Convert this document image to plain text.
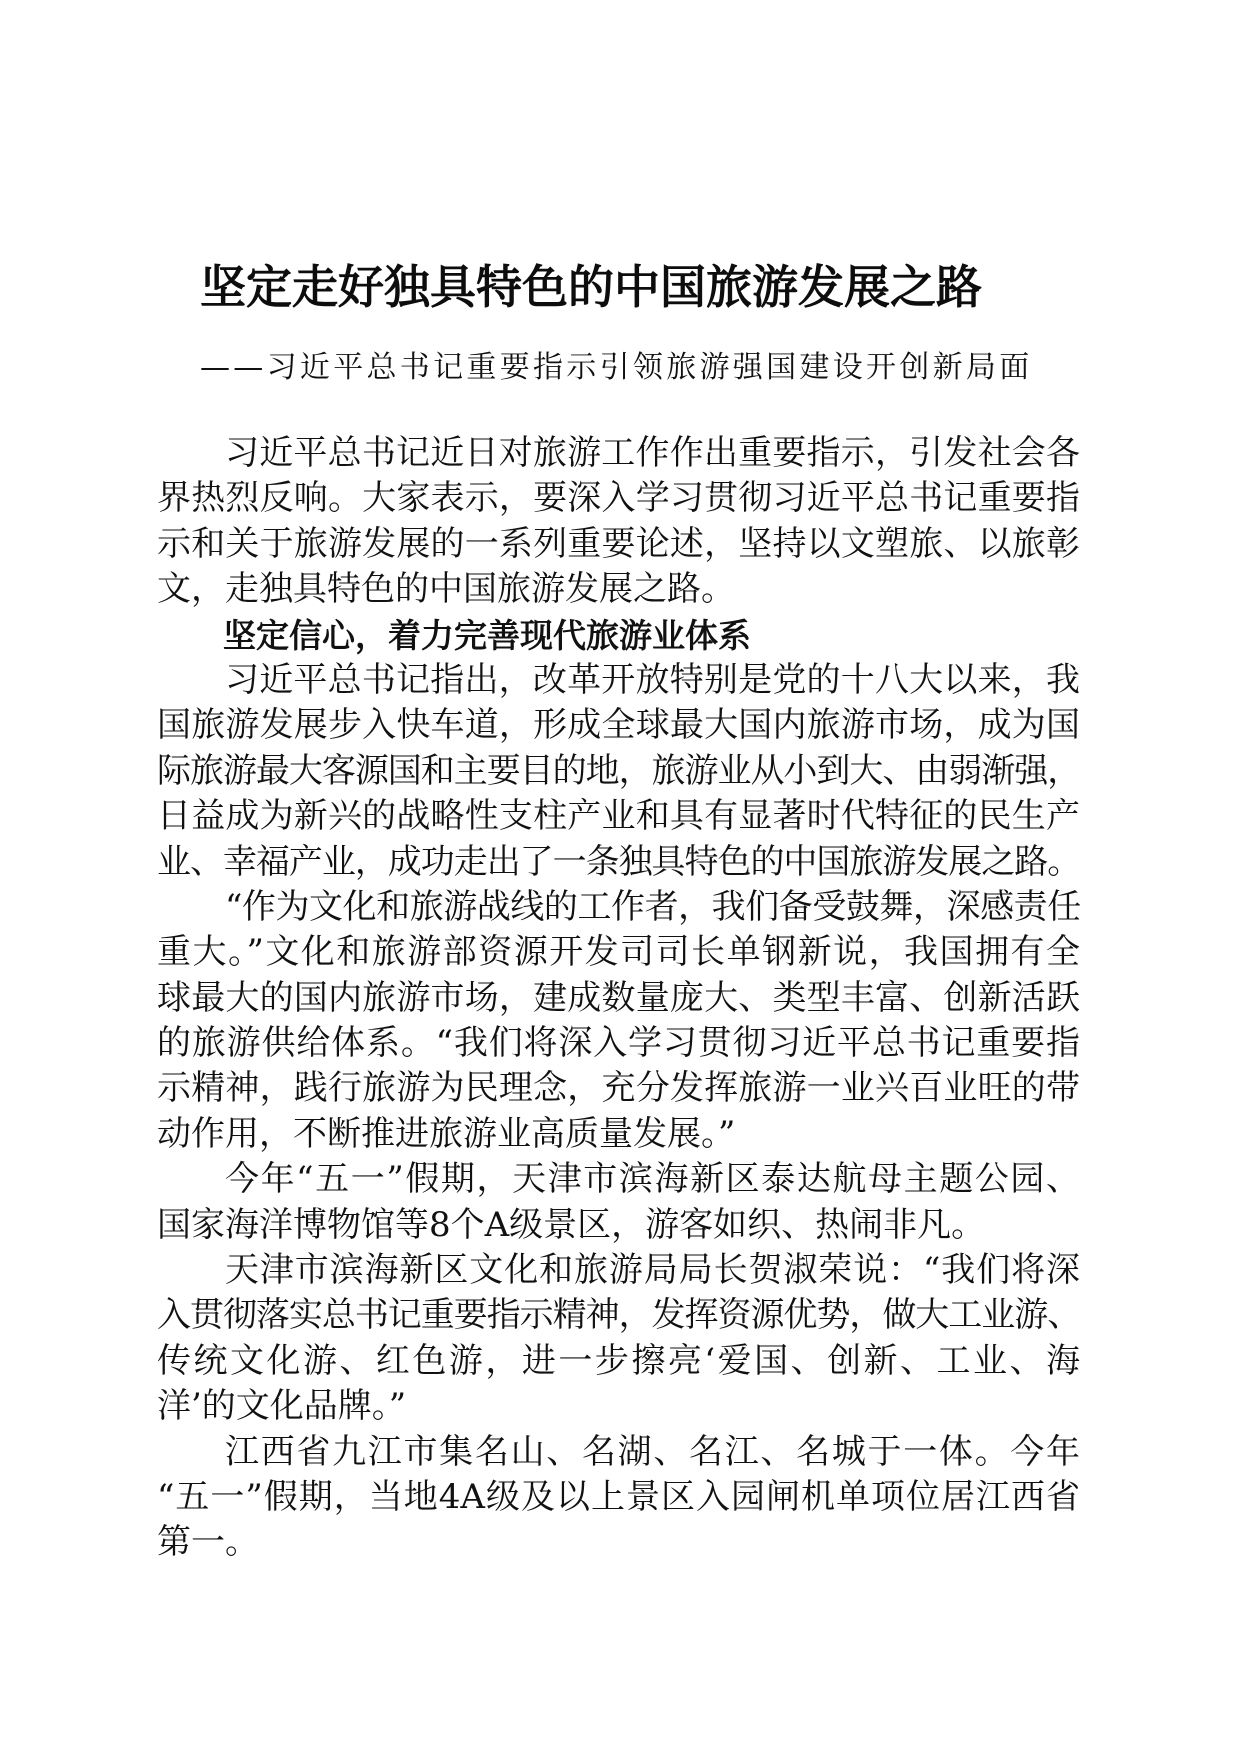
坚定走好独具特色的中国旅游发展之路
——习近平总书记重要指示引领旅游强国建设开创新局面
习近平总书记近日对旅游工作作出重要指示，引发社会各
界热烈反响。大家表示，要深入学习贯彻习近平总书记重要指
示和关于旅游发展的一系列重要论述，坚持以文塑旅、以旅彰
文，走独具特色的中国旅游发展之路。
坚定信心，着力完善现代旅游业体系
习近平总书记指出，改革开放特别是党的十八大以来，我
国旅游发展步入快车道，形成全球最大国内旅游市场，成为国
际旅游最大客源国和主要目的地，旅游业从小到大、由弱渐强，
日益成为新兴的战略性支柱产业和具有显著时代特征的民生产
业、幸福产业，成功走出了一条独具特色的中国旅游发展之路。
“作为文化和旅游战线的工作者，我们备受鼓舞，深感责任
重大。”文化和旅游部资源开发司司长单钢新说，我国拥有全
球最大的国内旅游市场，建成数量庞大、类型丰富、创新活跃
的旅游供给体系。“我们将深入学习贯彻习近平总书记重要指
示精神，践行旅游为民理念，充分发挥旅游一业兴百业旺的带
动作用，不断推进旅游业高质量发展。”
今年“五一”假期，天津市滨海新区泰达航母主题公园、
国家海洋博物馆等8个A级景区，游客如织、热闹非凡。
天津市滨海新区文化和旅游局局长贺淑荣说：“我们将深
入贯彻落实总书记重要指示精神，发挥资源优势，做大工业游、
传统文化游、红色游，进一步擦亮‘爱国、创新、工业、海
洋’的文化品牌。”
江西省九江市集名山、名湖、名江、名城于一体。今年
“五一”假期，当地4A级及以上景区入园闸机单项位居江西省
第一。
